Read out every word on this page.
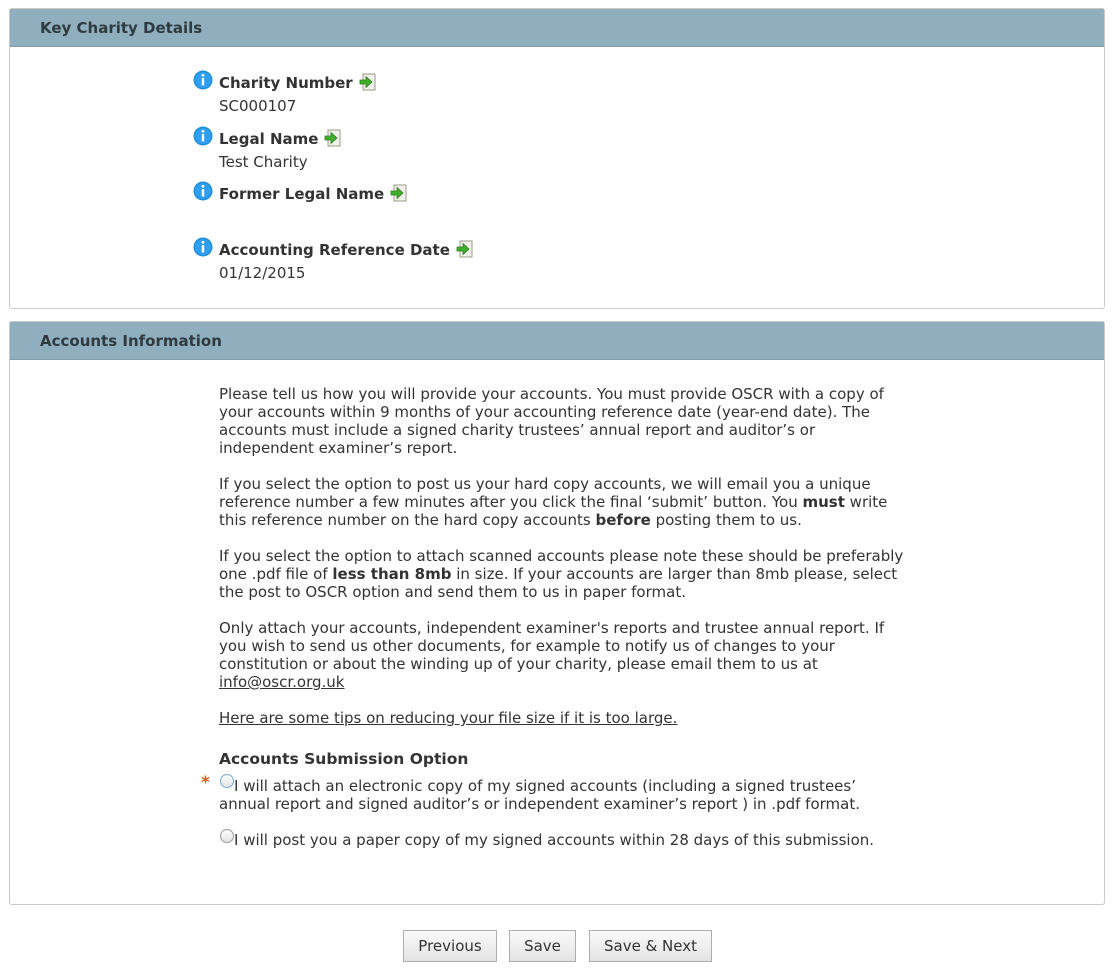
Key Charity Details
Charity Number
SC000107
Legal Name
Test Charity
Former Legal Name
Accounting Reference Date
01/12/2015
Accounts Information

Please tell us how you will provide your accounts. You must provide OSCR with a copy of your accounts within 9 months of your accounting reference date (year-end date). The accounts must include a signed charity trustees’ annual report and auditor’s or independent examiner’s report.

If you select the option to post us your hard copy accounts, we will email you a unique reference number a few minutes after you click the final ‘submit’ button. You must write this reference number on the hard copy accounts before posting them to us.

If you select the option to attach scanned accounts please note these should be preferably one .pdf file of less than 8mb in size. If your accounts are larger than 8mb please, select the post to OSCR option and send them to us in paper format.

Only attach your accounts, independent examiner's reports and trustee annual report. If you wish to send us other documents, for example to notify us of changes to your constitution or about the winding up of your charity, please email them to us at info@oscr.org.uk

Here are some tips on reducing your file size if it is too large.
Accounts Submission Option
*	I will attach an electronic copy of my signed accounts (including a signed trustees’ annual report and signed auditor’s or independent examiner’s report ) in .pdf format.
I will post you a paper copy of my signed accounts within 28 days of this submission.
Previous	Save	Save & Next
